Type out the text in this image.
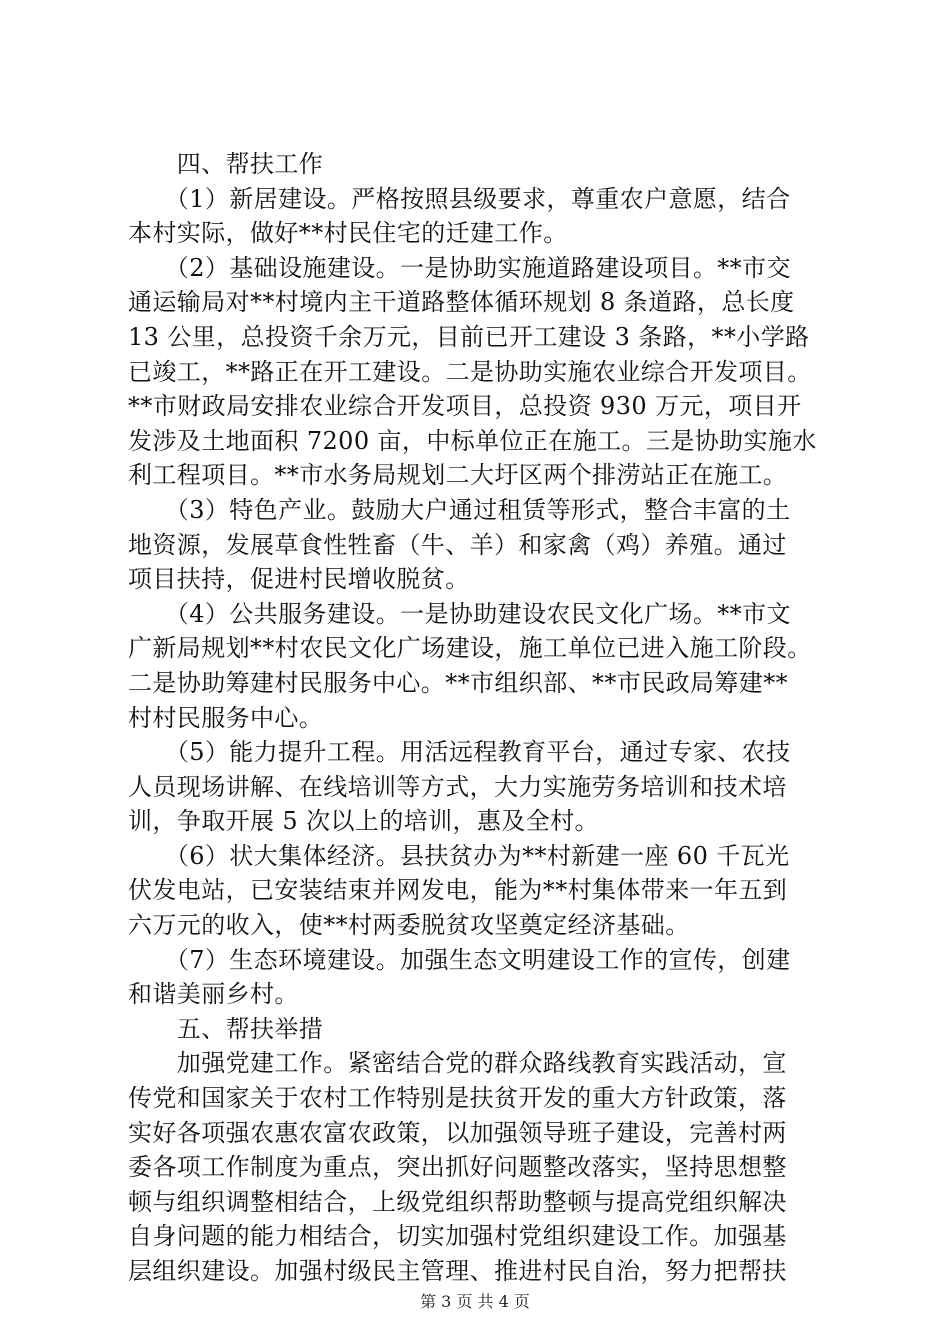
　　四、帮扶工作
　　（1）新居建设。严格按照县级要求，尊重农户意愿，结合
本村实际，做好**村民住宅的迁建工作。
　　（2）基础设施建设。一是协助实施道路建设项目。**市交
通运输局对**村境内主干道路整体循环规划 8 条道路，总长度
13 公里，总投资千余万元，目前已开工建设 3 条路，**小学路
已竣工，**路正在开工建设。二是协助实施农业综合开发项目。
**市财政局安排农业综合开发项目，总投资 930 万元，项目开
发涉及土地面积 7200 亩，中标单位正在施工。三是协助实施水
利工程项目。**市水务局规划二大圩区两个排涝站正在施工。
　　（3）特色产业。鼓励大户通过租赁等形式，整合丰富的土
地资源，发展草食性牲畜（牛、羊）和家禽（鸡）养殖。通过
项目扶持，促进村民增收脱贫。
　　（4）公共服务建设。一是协助建设农民文化广场。**市文
广新局规划**村农民文化广场建设，施工单位已进入施工阶段。
二是协助筹建村民服务中心。**市组织部、**市民政局筹建**
村村民服务中心。
　　（5）能力提升工程。用活远程教育平台，通过专家、农技
人员现场讲解、在线培训等方式，大力实施劳务培训和技术培
训，争取开展 5 次以上的培训，惠及全村。
　　（6）状大集体经济。县扶贫办为**村新建一座 60 千瓦光
伏发电站，已安装结束并网发电，能为**村集体带来一年五到
六万元的收入，使**村两委脱贫攻坚奠定经济基础。
　　（7）生态环境建设。加强生态文明建设工作的宣传，创建
和谐美丽乡村。
　　五、帮扶举措
　　加强党建工作。紧密结合党的群众路线教育实践活动，宣
传党和国家关于农村工作特别是扶贫开发的重大方针政策，落
实好各项强农惠农富农政策，以加强领导班子建设，完善村两
委各项工作制度为重点，突出抓好问题整改落实，坚持思想整
顿与组织调整相结合，上级党组织帮助整顿与提高党组织解决
自身问题的能力相结合，切实加强村党组织建设工作。加强基
层组织建设。加强村级民主管理、推进村民自治，努力把帮扶
第 3 页 共 4 页
